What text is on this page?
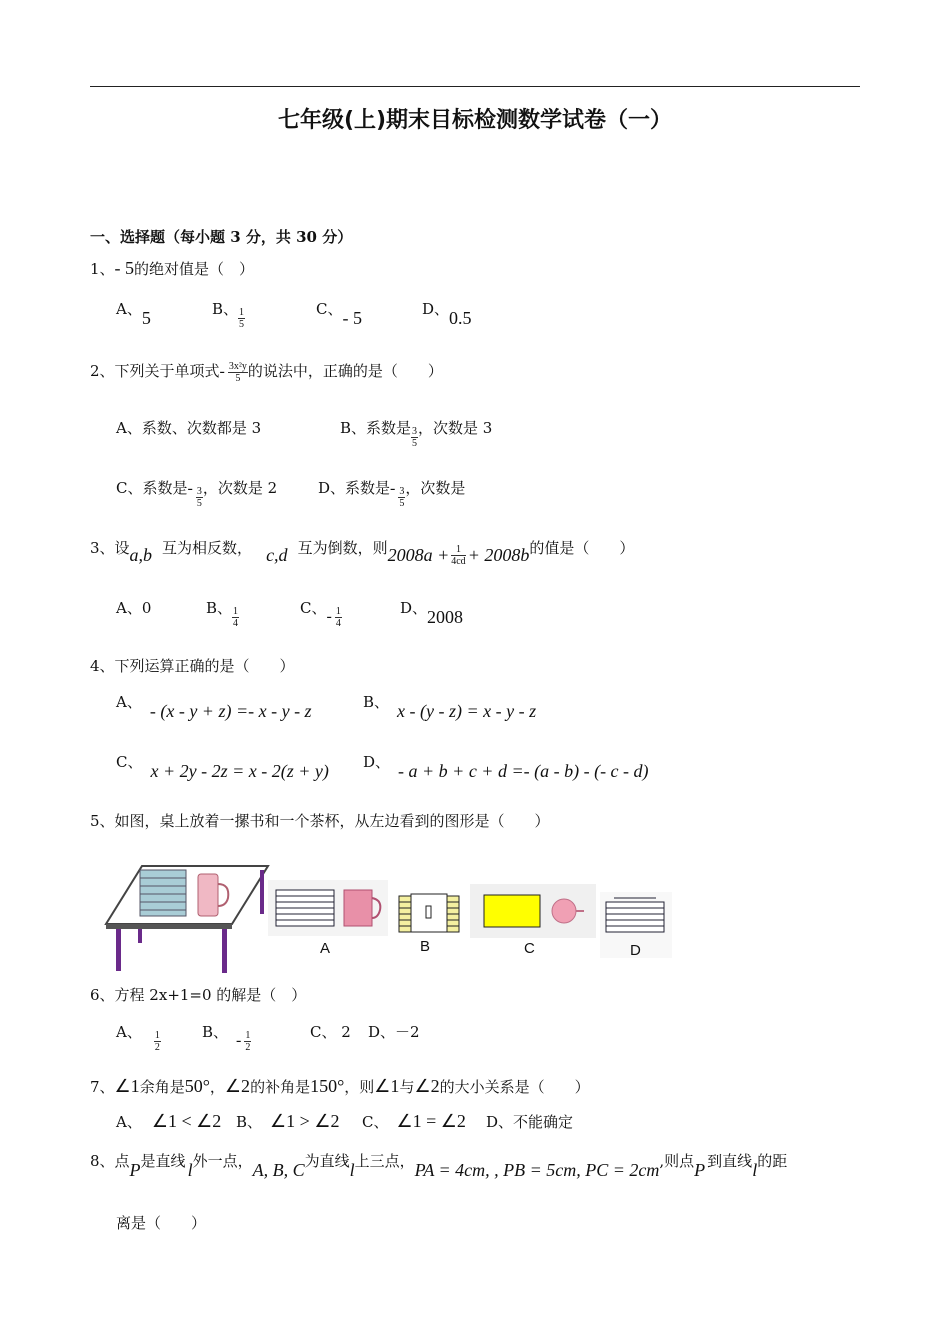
七年级(上)期末目标检测数学试卷（一）
一、选择题（每小题 3 分，共 30 分）
1、- 5的绝对值是（　）
A、5	B、 $\frac{1}{5}$	C、- 5	D、0.5
2、下列关于单项式- $\frac{\text{3x²y}}{5}$ 的说法中，正确的是（　　）
A、系数、次数都是 3	B、系数是 $\frac{3}{5}$ ，次数是 3
C、系数是- $\frac{3}{5}$ ，次数是 2	D、系数是- $\frac{3}{5}$ ，次数是
3、设a,b 互为相反数， c,d 互为倒数，则$2008a + \frac{1}{4cd} + 2008b$的值是（　　）
A、0	B、 $\frac{1}{4}$	C、- $\frac{1}{4}$	D、2008
4、下列运算正确的是（　　）
A、 - (x - y + z) =- x - y - z	B、 x - (y - z) = x - y - z
C、 x + 2y - 2z = x - 2(z + y) D、 - a + b + c + d =- (a - b) - (- c - d)
5、如图，桌上放着一摞书和一个茶杯，从左边看到的图形是（　　）
A	B	C	D
6、方程 2x+1=0 的解是（　）
A、 $\frac{1}{2}$	B、 - $\frac{1}{2}$	C、 2 D、－2
7、∠1余角是50°，∠2的补角是150°，则∠1与∠2的大小关系是（　　）
A、 ∠1 < ∠2 B、 ∠1 > ∠2 C、 ∠1 = ∠2 D、不能确定
8、点P是直线 l外一点，A, B, C为直线l上三点，PA = 4cm, , PB = 5cm, PC = 2cm,则点P 到直线l的距
离是（　　）
